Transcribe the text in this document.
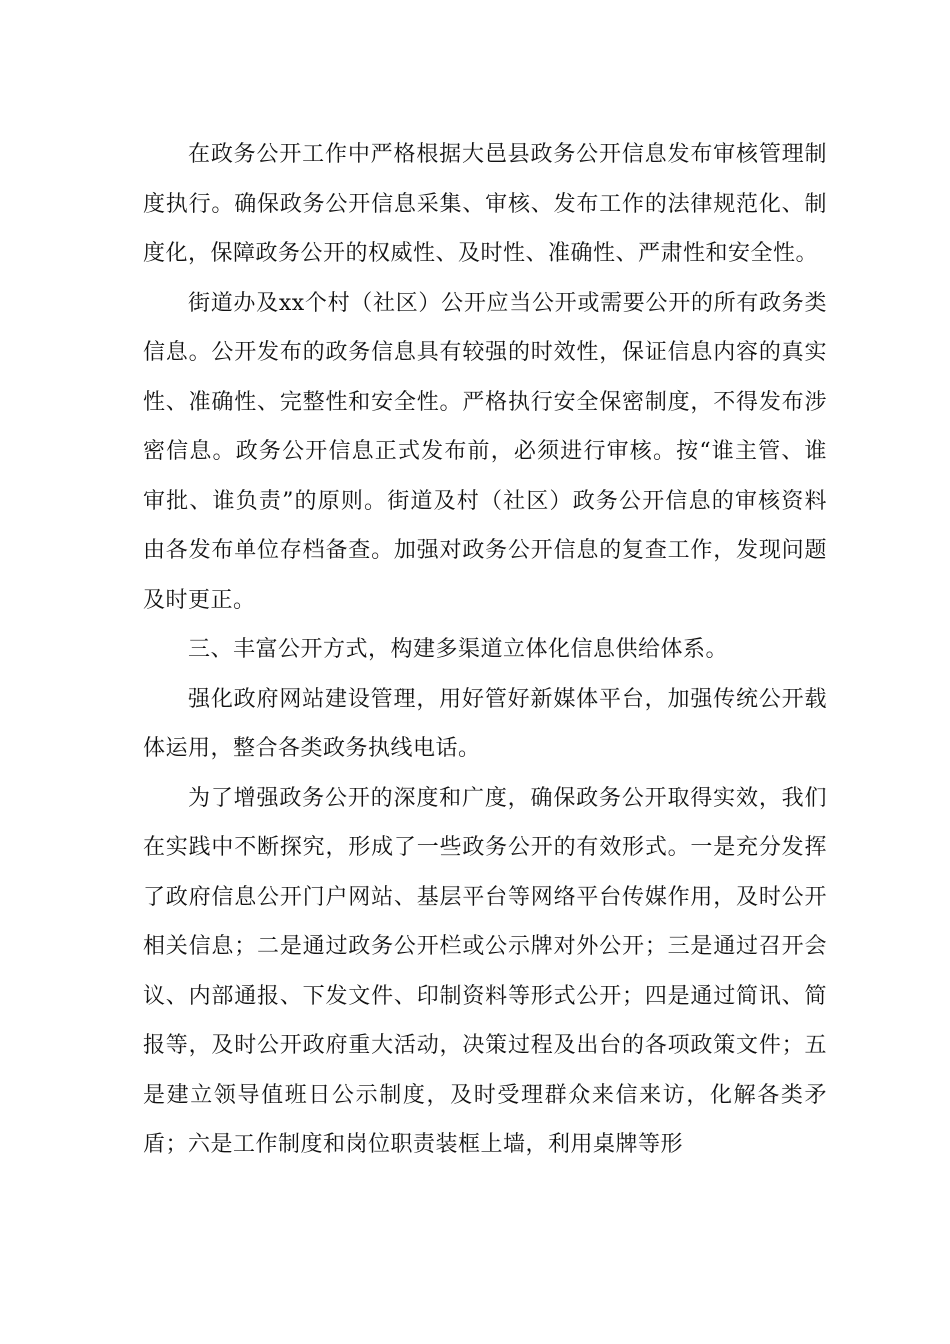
在政务公开工作中严格根据大邑县政务公开信息发布审核管理制度执行。确保政务公开信息采集、审核、发布工作的法律规范化、制度化，保障政务公开的权威性、及时性、准确性、严肃性和安全性。

街道办及xx个村（社区）公开应当公开或需要公开的所有政务类信息。公开发布的政务信息具有较强的时效性，保证信息内容的真实性、准确性、完整性和安全性。严格执行安全保密制度，不得发布涉密信息。政务公开信息正式发布前，必须进行审核。按“谁主管、谁审批、谁负责”的原则。街道及村（社区）政务公开信息的审核资料由各发布单位存档备查。加强对政务公开信息的复查工作，发现问题及时更正。

三、丰富公开方式，构建多渠道立体化信息供给体系。

强化政府网站建设管理，用好管好新媒体平台，加强传统公开载体运用，整合各类政务执线电话。

为了增强政务公开的深度和广度，确保政务公开取得实效，我们在实践中不断探究，形成了一些政务公开的有效形式。一是充分发挥了政府信息公开门户网站、基层平台等网络平台传媒作用，及时公开相关信息；二是通过政务公开栏或公示牌对外公开；三是通过召开会议、内部通报、下发文件、印制资料等形式公开；四是通过简讯、简报等，及时公开政府重大活动，决策过程及出台的各项政策文件；五是建立领导值班日公示制度，及时受理群众来信来访，化解各类矛盾；六是工作制度和岗位职责装框上墙，利用桌牌等形
